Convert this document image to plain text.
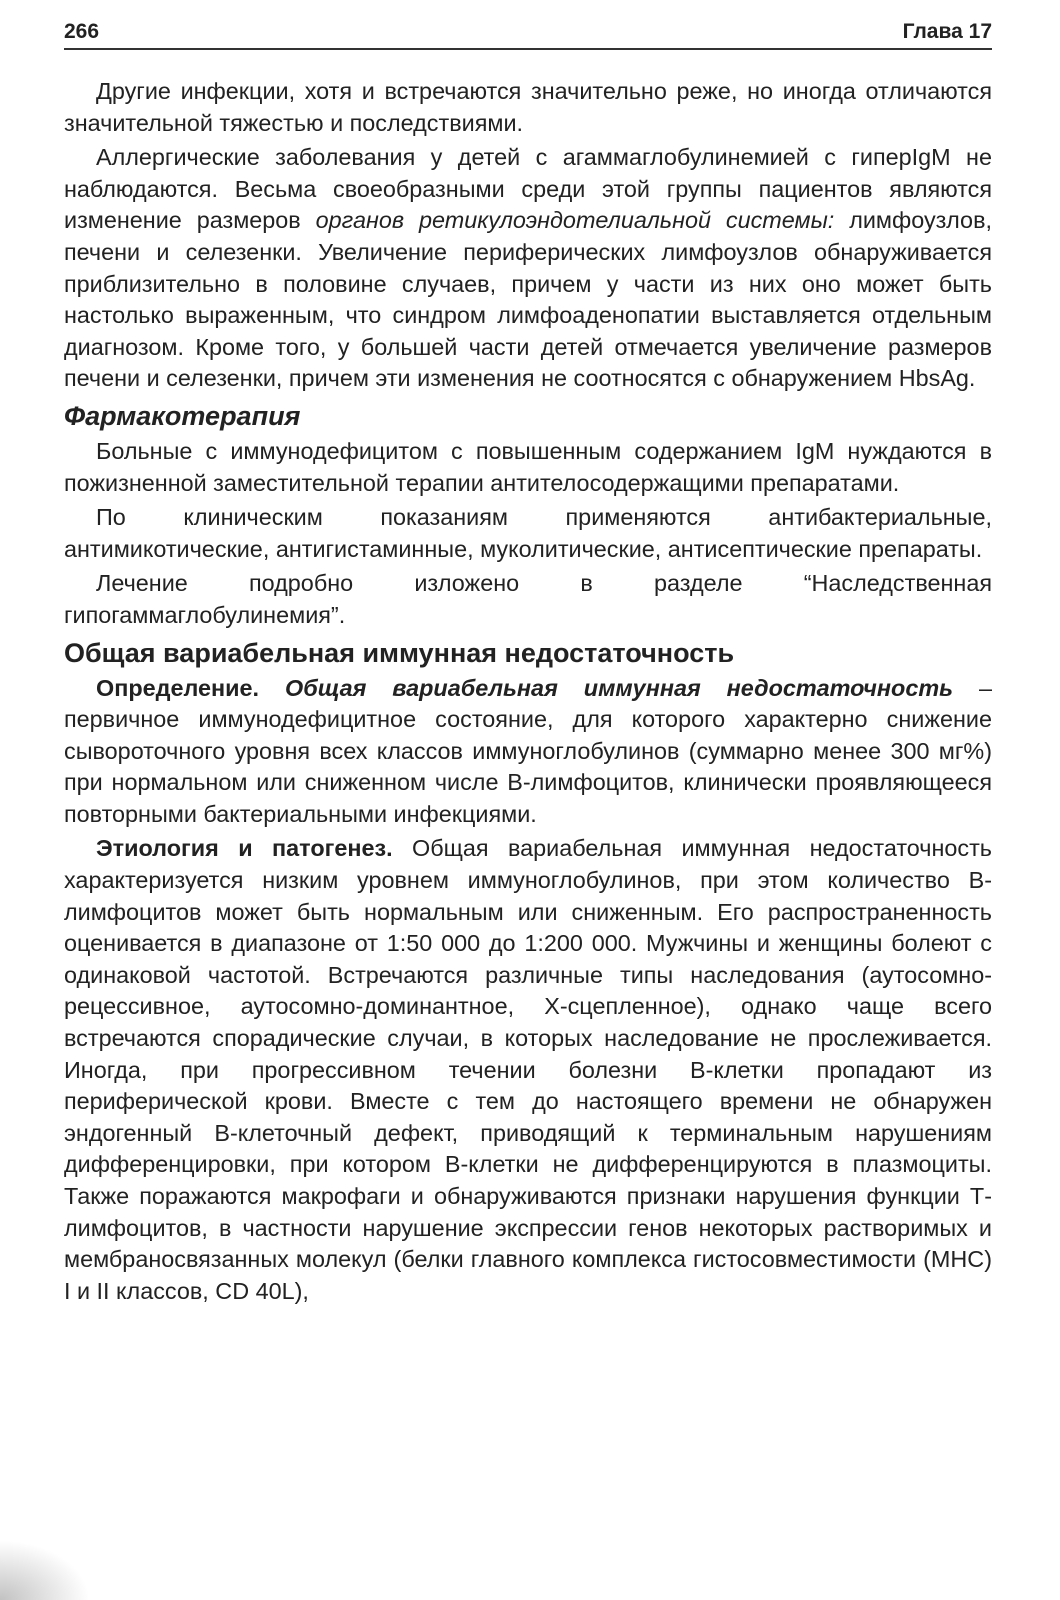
266	Глава 17

Другие инфекции, хотя и встречаются значительно реже, но иногда отличаются значительной тяжестью и последствиями.

Аллергические заболевания у детей с агаммаглобулинемией с гиперIgM не наблюдаются. Весьма своеобразными среди этой группы пациентов являются изменение размеров органов ретикулоэндотелиальной системы: лимфоузлов, печени и селезенки. Увеличение периферических лимфоузлов обнаруживается приблизительно в половине случаев, причем у части из них оно может быть настолько выраженным, что синдром лимфоаденопатии выставляется отдельным диагнозом. Кроме того, у большей части детей отмечается увеличение размеров печени и селезенки, причем эти изменения не соотносятся с обнаружением HbsAg.

Фармакотерапия

Больные с иммунодефицитом с повышенным содержанием IgM нуждаются в пожизненной заместительной терапии антителосодержащими препаратами.

По клиническим показаниям применяются антибактериальные, антимикотические, антигистаминные, муколитические, антисептические препараты.

Лечение подробно изложено в разделе “Наследственная гипогаммаглобулинемия”.

Общая вариабельная иммунная недостаточность

Определение. Общая вариабельная иммунная недостаточность – первичное иммунодефицитное состояние, для которого характерно снижение сывороточного уровня всех классов иммуноглобулинов (суммарно менее 300 мг%) при нормальном или сниженном числе В-лимфоцитов, клинически проявляющееся повторными бактериальными инфекциями.

Этиология и патогенез. Общая вариабельная иммунная недостаточность характеризуется низким уровнем иммуноглобулинов, при этом количество В-лимфоцитов может быть нормальным или сниженным. Его распространенность оценивается в диапазоне от 1:50 000 до 1:200 000. Мужчины и женщины болеют с одинаковой частотой. Встречаются различные типы наследования (аутосомно-рецессивное, аутосомно-доминантное, Х-сцепленное), однако чаще всего встречаются спорадические случаи, в которых наследование не прослеживается. Иногда, при прогрессивном течении болезни В-клетки пропадают из периферической крови. Вместе с тем до настоящего времени не обнаружен эндогенный В-клеточный дефект, приводящий к терминальным нарушениям дифференцировки, при котором В-клетки не дифференцируются в плазмоциты. Также поражаются макрофаги и обнаруживаются признаки нарушения функции Т-лимфоцитов, в частности нарушение экспрессии генов некоторых растворимых и мембраносвязанных молекул (белки главного комплекса гистосовместимости (МНС) I и II классов, CD 40L),
